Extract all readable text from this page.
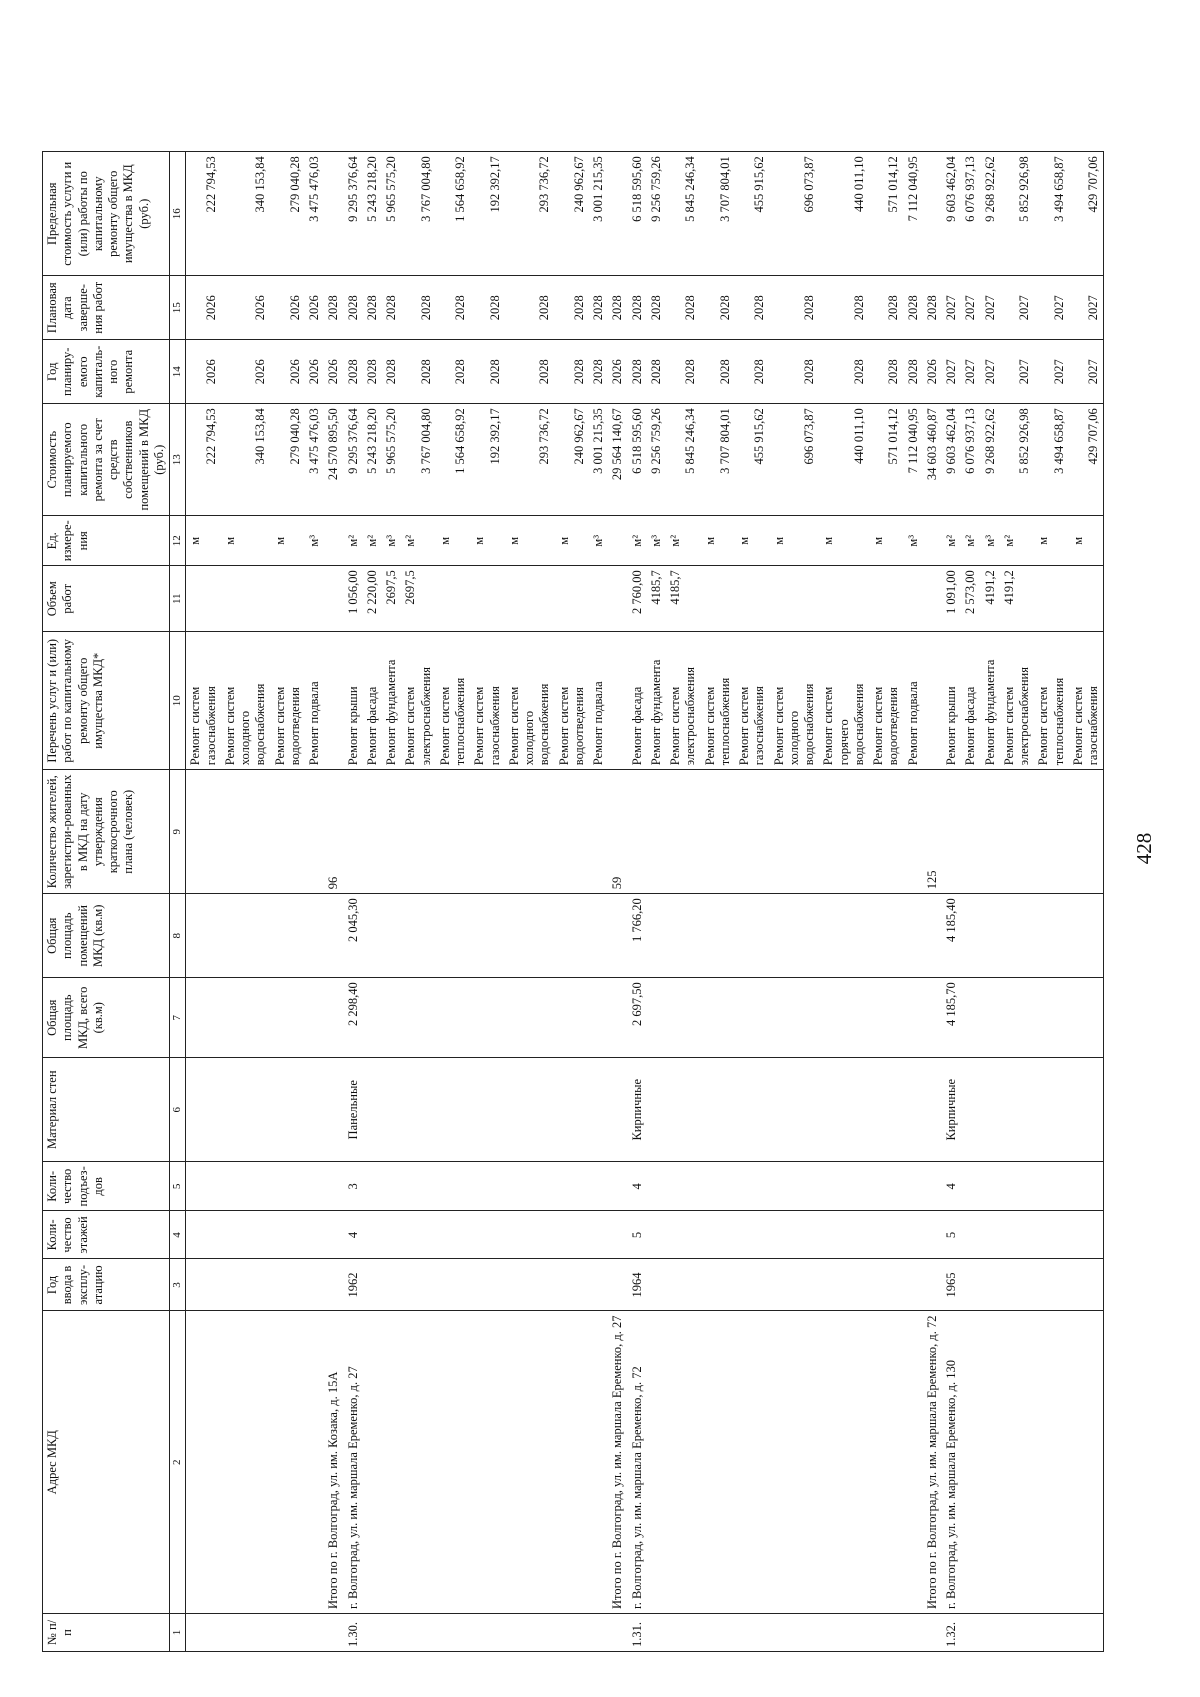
428
№ п/п	Адрес МКД	Год ввода в эксплу-атацию	Коли-чество этажей	Коли-чество подъез-дов	Материал стен	Общая площадь МКД, всего (кв.м)	Общая площадь помещений МКД (кв.м)	Количество жителей, зарегистри-рованных в МКД на дату утверждения краткосрочного плана (человек)	Перечень услуг и (или) работ по капитальному ремонту общего имущества МКД*	Объем работ	Ед. измере-ния	Стоимость планируемого капитального ремонта за счет средств собственников помещений в МКД (руб.)	Год планиру-емого капиталь-ного ремонта	Плановая дата заверше-ния работ	Предельная стоимость услуги и (или) работы по капитальному ремонту общего имущества в МКД (руб.)
1	2	3	4	5	6	7	8	9	10	11	12	13	14	15	16

									Ремонт систем газоснабжения		м	222 794,53	2026	2026	222 794,53

									Ремонт систем холодного водоснабжения		м	340 153,84	2026	2026	340 153,84

									Ремонт систем водоотведения		м	279 040,28	2026	2026	279 040,28

									Ремонт подвала		м³	3 475 476,03	2026	2026	3 475 476,03

	Итого по г. Волгоград, ул. им. Козака, д. 15А							96				24 570 895,50	2026	2028	

1.30.	г. Волгоград, ул. им. маршала Еременко, д. 27	1962	4	3	Панельные	2 298,40	2 045,30		Ремонт крыши	1 056,00	м²	9 295 376,64	2028	2028	9 295 376,64

									Ремонт фасада	2 220,00	м²	5 243 218,20	2028	2028	5 243 218,20

									Ремонт фундамента	2697,5	м³	5 965 575,20	2028	2028	5 965 575,20

									Ремонт систем электроснабжения	2697,5	м²	3 767 004,80	2028	2028	3 767 004,80

									Ремонт систем теплоснабжения		м	1 564 658,92	2028	2028	1 564 658,92

									Ремонт систем газоснабжения		м	192 392,17	2028	2028	192 392,17

									Ремонт систем холодного водоснабжения		м	293 736,72	2028	2028	293 736,72

									Ремонт систем водоотведения		м	240 962,67	2028	2028	240 962,67

									Ремонт подвала		м³	3 001 215,35	2028	2028	3 001 215,35

	Итого по г. Волгоград, ул. им. маршала Еременко, д. 27							59				29 564 140,67	2026	2028	

1.31.	г. Волгоград, ул. им. маршала Еременко, д. 72	1964	5	4	Кирпичные	2 697,50	1 766,20		Ремонт фасада	2 760,00	м²	6 518 595,60	2028	2028	6 518 595,60

									Ремонт фундамента	4185,7	м³	9 256 759,26	2028	2028	9 256 759,26

									Ремонт систем электроснабжения	4185,7	м²	5 845 246,34	2028	2028	5 845 246,34

									Ремонт систем теплоснабжения		м	3 707 804,01	2028	2028	3 707 804,01

									Ремонт систем газоснабжения		м	455 915,62	2028	2028	455 915,62

									Ремонт систем холодного водоснабжения		м	696 073,87	2028	2028	696 073,87

									Ремонт систем горячего водоснабжения		м	440 011,10	2028	2028	440 011,10

									Ремонт систем водоотведения		м	571 014,12	2028	2028	571 014,12

									Ремонт подвала		м³	7 112 040,95	2028	2028	7 112 040,95

	Итого по г. Волгоград, ул. им. маршала Еременко, д. 72							125				34 603 460,87	2026	2028	

1.32.	г. Волгоград, ул. им. маршала Еременко, д. 130	1965	5	4	Кирпичные	4 185,70	4 185,40		Ремонт крыши	1 091,00	м²	9 603 462,04	2027	2027	9 603 462,04

									Ремонт фасада	2 573,00	м²	6 076 937,13	2027	2027	6 076 937,13

									Ремонт фундамента	4191,2	м³	9 268 922,62	2027	2027	9 268 922,62

									Ремонт систем электроснабжения	4191,2	м²	5 852 926,98	2027	2027	5 852 926,98

									Ремонт систем теплоснабжения		м	3 494 658,87	2027	2027	3 494 658,87

									Ремонт систем газоснабжения		м	429 707,06	2027	2027	429 707,06
